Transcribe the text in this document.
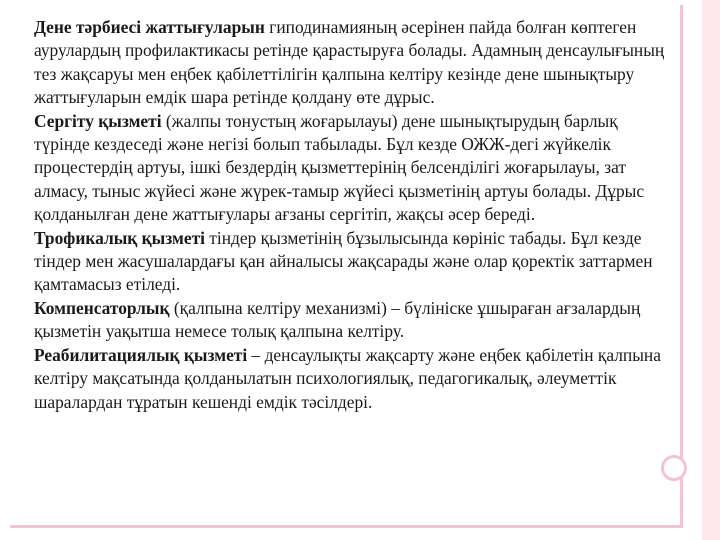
Дене тәрбиесі жаттығуларын гиподинамияның әсерінен пайда болған көптеген аурулардың профилактикасы ретінде қарастыруға болады. Адамның денсаулығының тез жақсаруы мен еңбек қабілеттілігін қалпына келтіру кезінде дене шынықтыру жаттығуларын емдік шара ретінде қолдану өте дұрыс.

Сергіту қызметі (жалпы тонустың жоғарылауы) дене шынықтырудың барлық түрінде кездеседі және негізі болып табылады. Бұл кезде ОЖЖ-дегі жүйкелік процестердің артуы, ішкі бездердің қызметтерінің белсенділігі жоғарылауы, зат алмасу, тыныс жүйесі және жүрек-тамыр жүйесі қызметінің артуы болады. Дұрыс қолданылған дене жаттығулары ағзаны сергітіп, жақсы әсер береді.

Трофикалық қызметі тіндер қызметінің бұзылысында көрініс табады. Бұл кезде тіндер мен жасушалардағы қан айналысы жақсарады және олар қоректік заттармен қамтамасыз етіледі.

Компенсаторлық (қалпына келтіру механизмі) – бүлініске ұшыраған ағзалардың қызметін уақытша немесе толық қалпына келтіру.

Реабилитациялық қызметі – денсаулықты жақсарту және еңбек қабілетін қалпына келтіру мақсатында қолданылатын психологиялық, педагогикалық, әлеуметтік шаралардан тұратын кешенді емдік тәсілдері.
